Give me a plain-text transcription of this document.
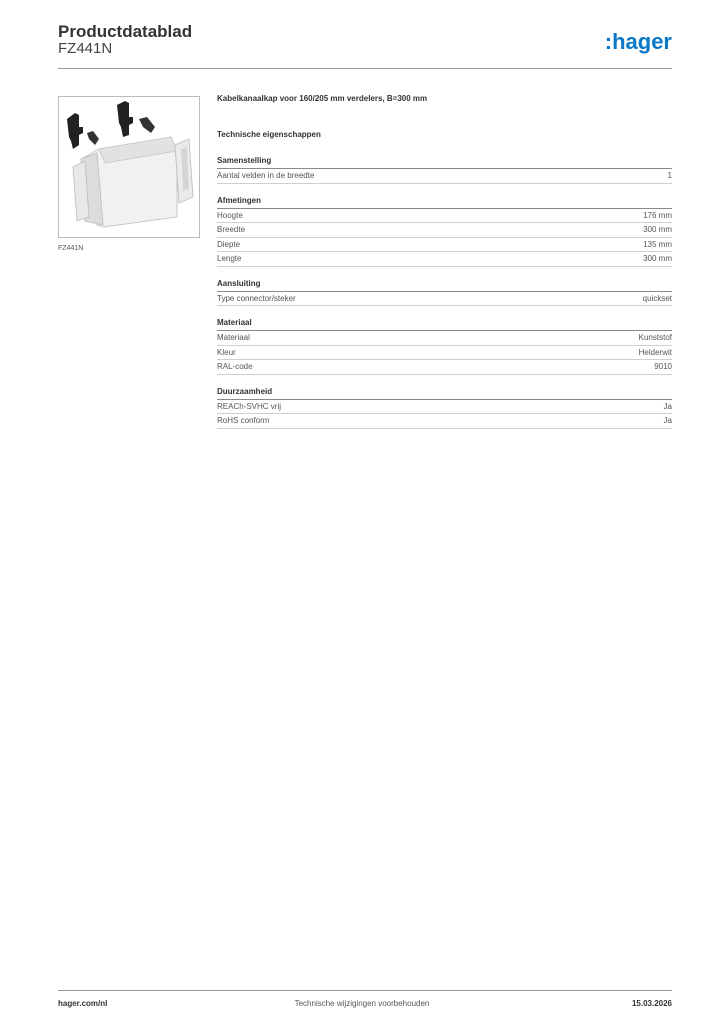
Productdatablad
FZ441N	:hager
FZ441N
Kabelkanaalkap voor 160/205 mm verdelers, B=300 mm
Technische eigenschappen
Samenstelling
Aantal velden in de breedte	1
Afmetingen
Hoogte	176 mm
Breedte	300 mm
Diepte	135 mm
Lengte	300 mm
Aansluiting
Type connector/steker	quickset
Materiaal
Materiaal	Kunststof
Kleur	Helderwit
RAL-code	9010
Duurzaamheid
REACh-SVHC vrij	Ja
RoHS conform	Ja
hager.com/nl	Technische wijzigingen voorbehouden	15.03.2026
